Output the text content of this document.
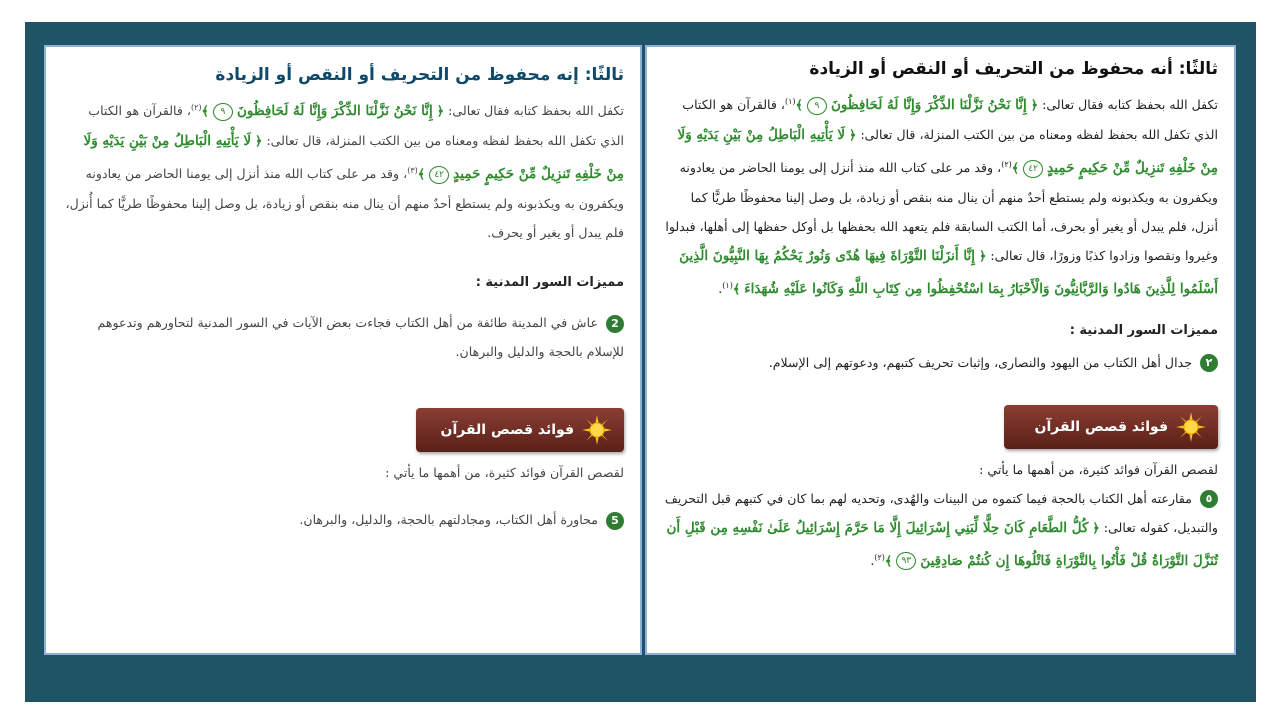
ثالثًا: إنه محفوظ من التحريف أو النقص أو الزيادة

تكفل الله بحفظ كتابه فقال تعالى: ﴿ إِنَّا نَحْنُ نَزَّلْنَا الذِّكْرَ وَإِنَّا لَهُ لَحَافِظُونَ ٩ ﴾$^{(٢)}$، فالقرآن هو الكتاب الذي تكفل الله بحفظ لفظه ومعناه من بين الكتب المنزلة، قال تعالى: ﴿ لَا يَأْتِيهِ الْبَاطِلُ مِنْ بَيْنِ يَدَيْهِ وَلَا مِنْ خَلْفِهِ تَنزِيلٌ مِّنْ حَكِيمٍ حَمِيدٍ ٤٢ ﴾$^{(٣)}$، وقد مر على كتاب الله منذ أنزل إلى يومنا الحاضر من يعادونه ويكفرون به ويكذبونه ولم يستطع أحدٌ منهم أن ينال منه بنقص أو زيادة، بل وصل إلينا محفوظًا طريًّا كما أُنزل، فلم يبدل أو يغير أو يحرف.

مميزات السور المدنية :

2 عاش في المدينة طائفة من أهل الكتاب فجاءت بعض الآيات في السور المدنية لتحاورهم وتدعوهم للإسلام بالحجة والدليل والبرهان.

فوائد قصص القرآن

لقصص القرآن فوائد كثيرة، من أهمها ما يأتي :

5 محاورة أهل الكتاب، ومجادلتهم بالحجة، والدليل، والبرهان.

ثالثًا: أنه محفوظ من التحريف أو النقص أو الزيادة

تكفل الله بحفظ كتابه فقال تعالى: ﴿ إِنَّا نَحْنُ نَزَّلْنَا الذِّكْرَ وَإِنَّا لَهُ لَحَافِظُونَ ٩ ﴾$^{(١)}$، فالقرآن هو الكتاب الذي تكفل الله بحفظ لفظه ومعناه من بين الكتب المنزلة، قال تعالى: ﴿ لَا يَأْتِيهِ الْبَاطِلُ مِنْ بَيْنِ يَدَيْهِ وَلَا مِنْ خَلْفِهِ تَنزِيلٌ مِّنْ حَكِيمٍ حَمِيدٍ ٤٢ ﴾$^{(٢)}$، وقد مر على كتاب الله منذ أنزل إلى يومنا الحاضر من يعادونه ويكفرون به ويكذبونه ولم يستطع أحدٌ منهم أن ينال منه بنقص أو زيادة، بل وصل إلينا محفوظًا طريًّا كما أنزل، فلم يبدل أو يغير أو بحرف، أما الكتب السابقة فلم يتعهد الله بحفظها بل أوكل حفظها إلى أهلها، فبدلوا وغيروا ونقصوا وزادوا كذبًا وزورًا، قال تعالى: ﴿ إِنَّا أَنزَلْنَا التَّوْرَاةَ فِيهَا هُدًى وَنُورٌ يَحْكُمُ بِهَا النَّبِيُّونَ الَّذِينَ أَسْلَمُوا لِلَّذِينَ هَادُوا وَالرَّبَّانِيُّونَ وَالْأَحْبَارُ بِمَا اسْتُحْفِظُوا مِن كِتَابِ اللَّهِ وَكَانُوا عَلَيْهِ شُهَدَاءَ ﴾$^{(١)}$.

مميزات السور المدنية :

٢ جدال أهل الكتاب من اليهود والنصارى، وإثبات تحريف كتبهم، ودعوتهم إلى الإسلام.

فوائد قصص القرآن

لقصص القرآن فوائد كثيرة، من أهمها ما يأتي :

٥ مقارعته أهل الكتاب بالحجة فيما كتموه من البينات والهُدى، وتحديه لهم بما كان في كتبهم قبل التحريف والتبديل، كقوله تعالى: ﴿ كُلُّ الطَّعَامِ كَانَ حِلًّا لِّبَنِي إِسْرَائِيلَ إِلَّا مَا حَرَّمَ إِسْرَائِيلُ عَلَىٰ نَفْسِهِ مِن قَبْلِ أَن تُنَزَّلَ التَّوْرَاةُ قُلْ فَأْتُوا بِالتَّوْرَاةِ فَاتْلُوهَا إِن كُنتُمْ صَادِقِينَ ٩٣ ﴾$^{(٢)}$.
